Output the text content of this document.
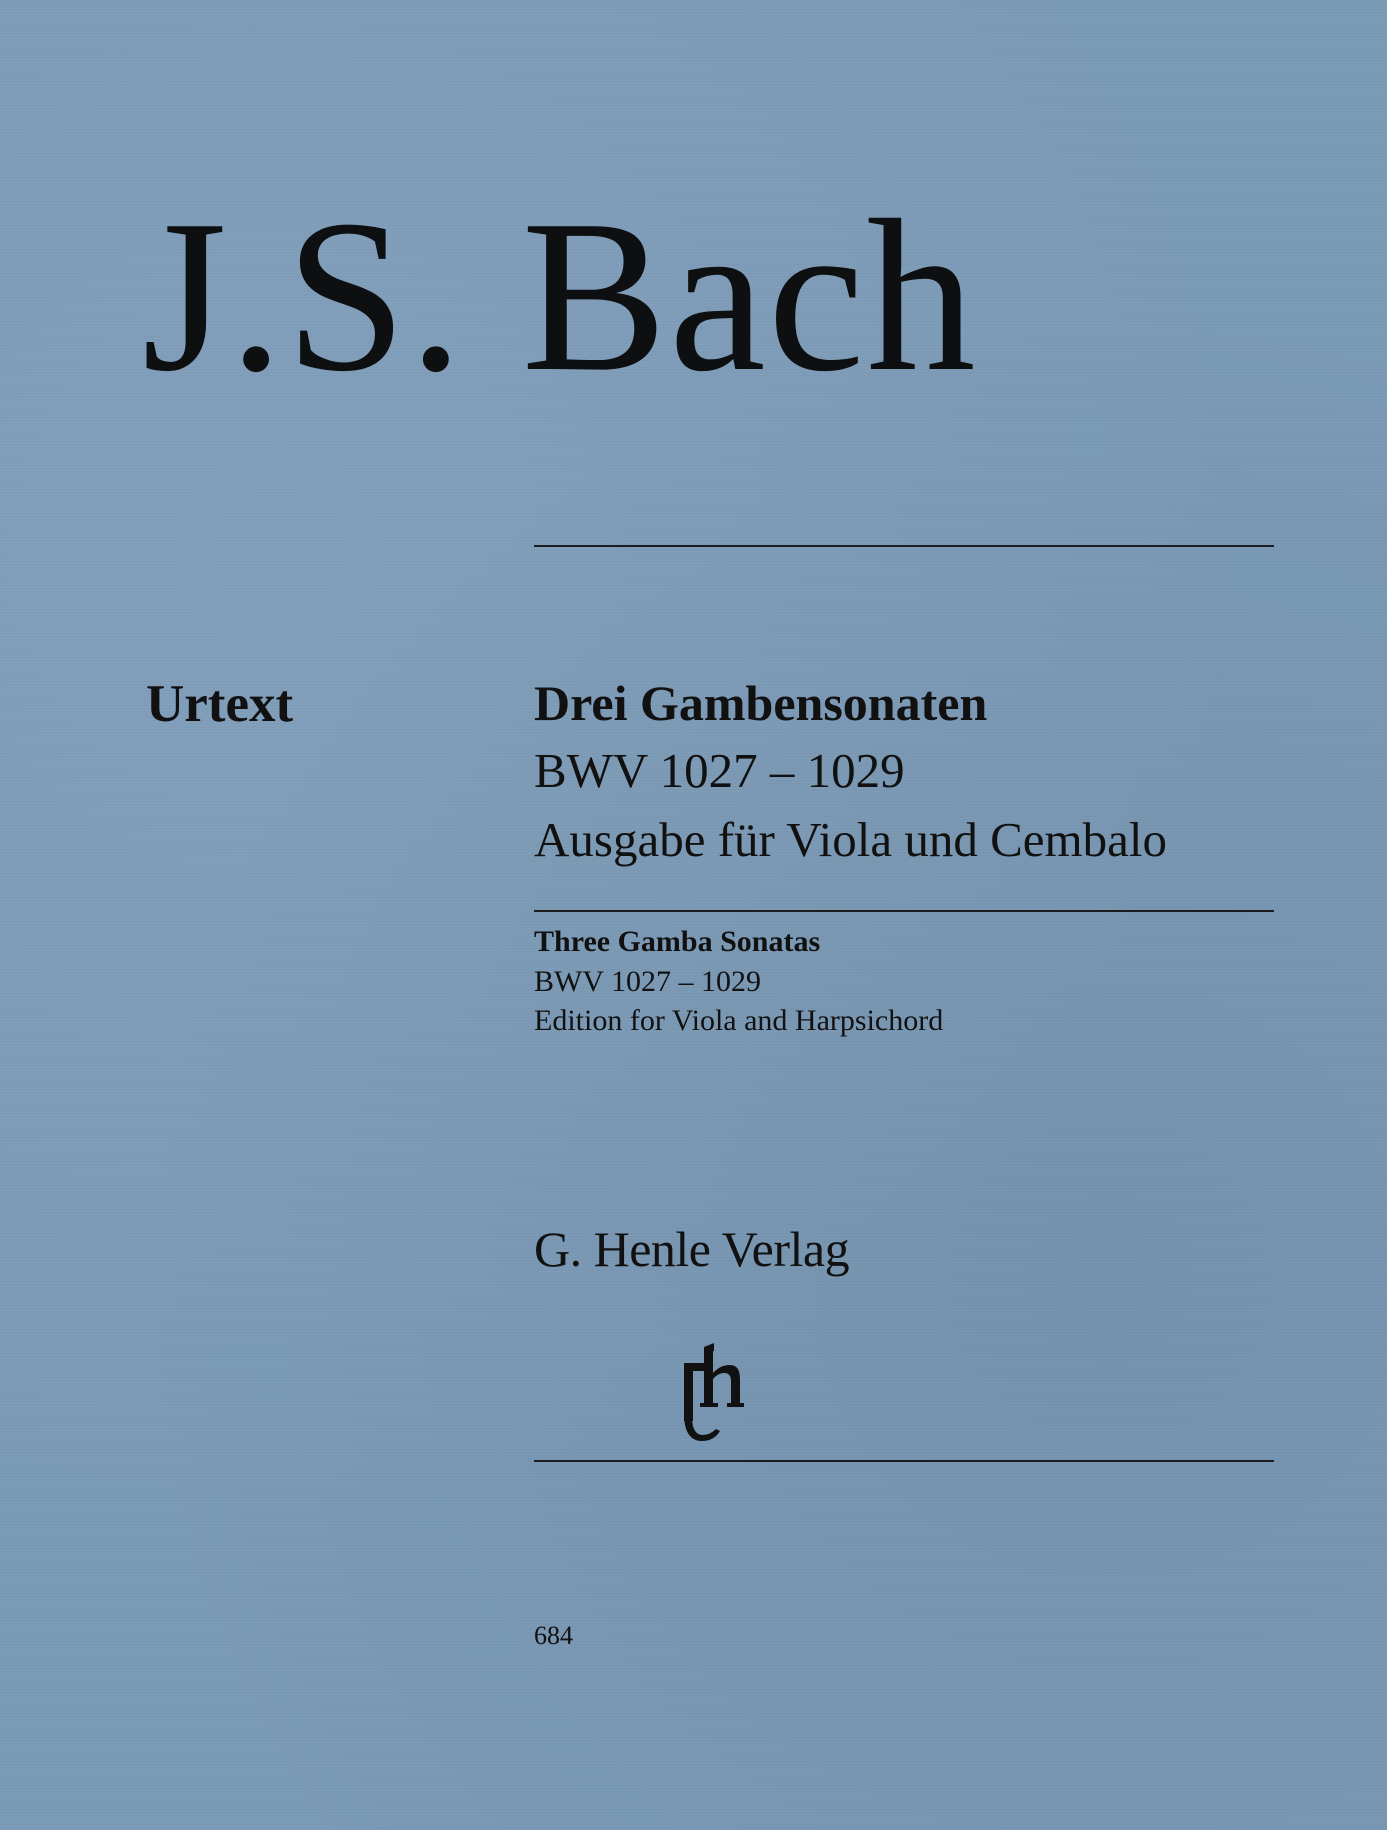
J.S. Bach
Urtext	Drei Gambensonaten
BWV 1027 – 1029
Ausgabe für Viola und Cembalo
Three Gamba Sonatas
BWV 1027 – 1029
Edition for Viola and Harpsichord
G. Henle Verlag
684
